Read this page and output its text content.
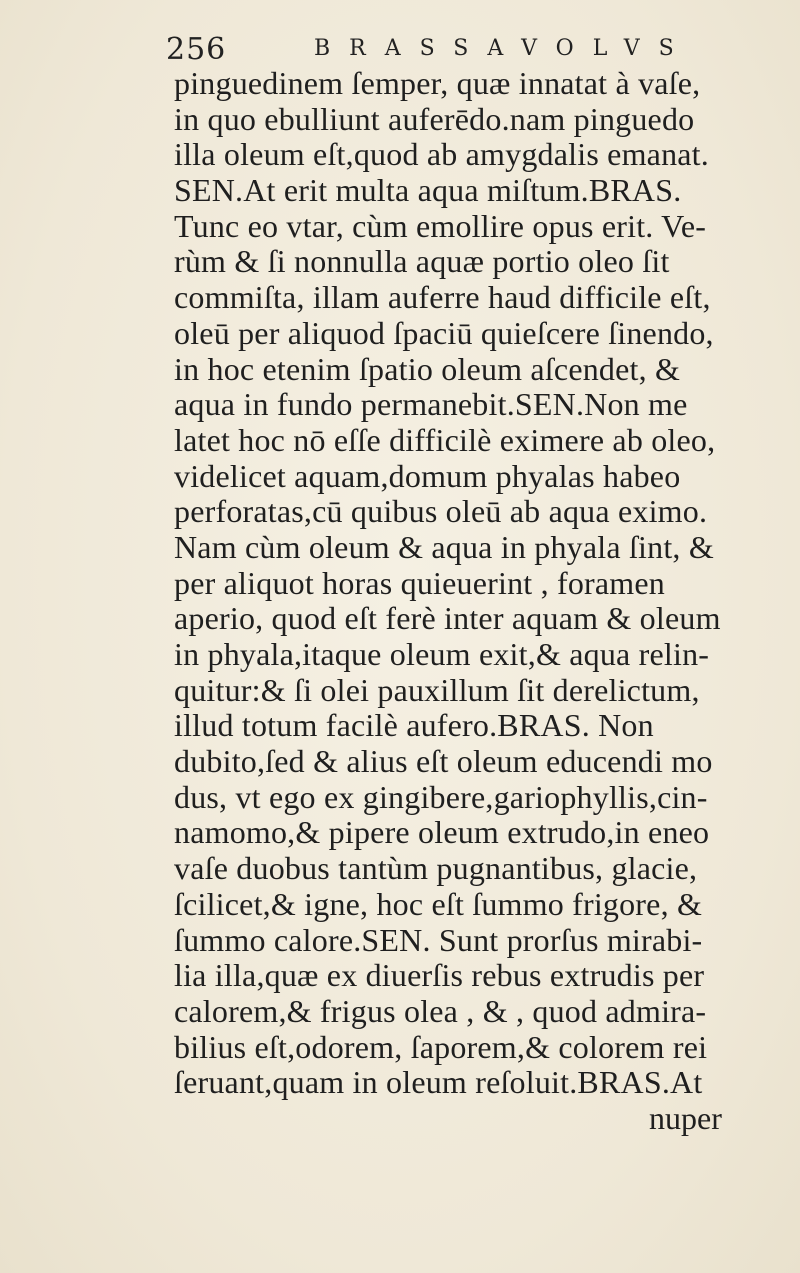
256	BRASSAVOLVS
pinguedinem ſemper, quæ innatat à vaſe,
in quo ebulliunt auferēdo.nam pinguedo
illa oleum eſt,quod ab amygdalis emanat.
SEN.At erit multa aqua miſtum.BRAS.
Tunc eo vtar, cùm emollire opus erit. Ve-
rùm & ſi nonnulla aquæ portio oleo ſit
commiſta, illam auferre haud difficile eſt,
oleū per aliquod ſpaciū quieſcere ſinendo,
in hoc etenim ſpatio oleum aſcendet, &
aqua in fundo permanebit.SEN.Non me
latet hoc nō eſſe difficilè eximere ab oleo,
videlicet aquam,domum phyalas habeo
perforatas,cū quibus oleū ab aqua eximo.
Nam cùm oleum & aqua in phyala ſint, &
per aliquot horas quieuerint , foramen
aperio, quod eſt ferè inter aquam & oleum
in phyala,itaque oleum exit,& aqua relin-
quitur:& ſi olei pauxillum ſit derelictum,
illud totum facilè aufero.BRAS. Non
dubito,ſed & alius eſt oleum educendi mo
dus, vt ego ex gingibere,gariophyllis,cin-
namomo,& pipere oleum extrudo,in eneo
vaſe duobus tantùm pugnantibus, glacie,
ſcilicet,& igne, hoc eſt ſummo frigore, &
ſummo calore.SEN. Sunt prorſus mirabi-
lia illa,quæ ex diuerſis rebus extrudis per
calorem,& frigus olea , & , quod admira-
bilius eſt,odorem, ſaporem,& colorem rei
ſeruant,quam in oleum reſoluit.BRAS.At
nuper
